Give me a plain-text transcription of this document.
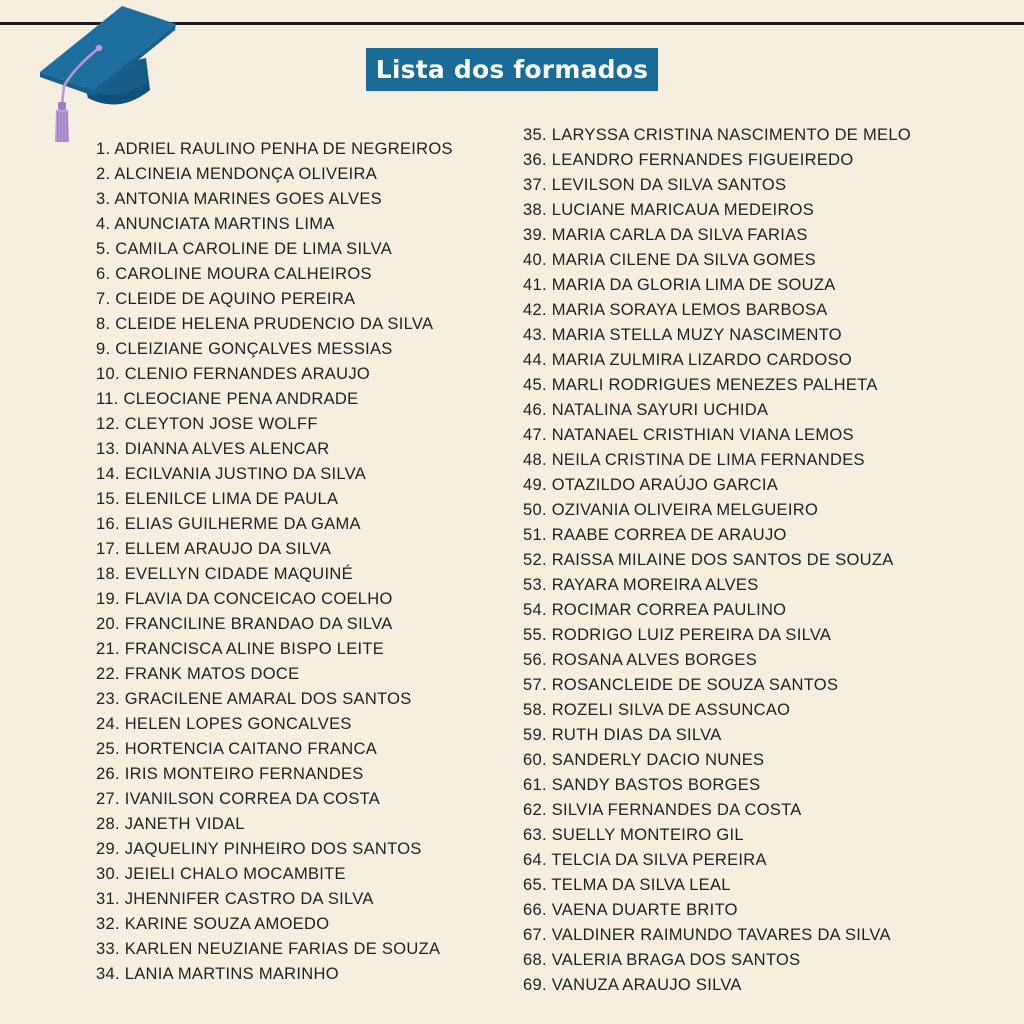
Lista dos formados
1. ADRIEL RAULINO PENHA DE NEGREIROS
2. ALCINEIA MENDONÇA OLIVEIRA
3. ANTONIA MARINES GOES ALVES
4. ANUNCIATA MARTINS LIMA
5. CAMILA CAROLINE DE LIMA SILVA
6. CAROLINE MOURA CALHEIROS
7. CLEIDE DE AQUINO PEREIRA
8. CLEIDE HELENA PRUDENCIO DA SILVA
9. CLEIZIANE GONÇALVES MESSIAS
10. CLENIO FERNANDES ARAUJO
11. CLEOCIANE PENA ANDRADE
12. CLEYTON JOSE WOLFF
13. DIANNA ALVES ALENCAR
14. ECILVANIA JUSTINO DA SILVA
15. ELENILCE LIMA DE PAULA
16. ELIAS GUILHERME DA GAMA
17. ELLEM ARAUJO DA SILVA
18. EVELLYN CIDADE MAQUINÉ
19. FLAVIA DA CONCEICAO COELHO
20. FRANCILINE BRANDAO DA SILVA
21. FRANCISCA ALINE BISPO LEITE
22. FRANK MATOS DOCE
23. GRACILENE AMARAL DOS SANTOS
24. HELEN LOPES GONCALVES
25. HORTENCIA CAITANO FRANCA
26. IRIS MONTEIRO FERNANDES
27. IVANILSON CORREA DA COSTA
28. JANETH VIDAL
29. JAQUELINY PINHEIRO DOS SANTOS
30. JEIELI CHALO MOCAMBITE
31. JHENNIFER CASTRO DA SILVA
32. KARINE SOUZA AMOEDO
33. KARLEN NEUZIANE FARIAS DE SOUZA
34. LANIA MARTINS MARINHO
35. LARYSSA CRISTINA NASCIMENTO DE MELO
36. LEANDRO FERNANDES FIGUEIREDO
37. LEVILSON DA SILVA SANTOS
38. LUCIANE MARICAUA MEDEIROS
39. MARIA CARLA DA SILVA FARIAS
40. MARIA CILENE DA SILVA GOMES
41. MARIA DA GLORIA LIMA DE SOUZA
42. MARIA SORAYA LEMOS BARBOSA
43. MARIA STELLA MUZY NASCIMENTO
44. MARIA ZULMIRA LIZARDO CARDOSO
45. MARLI RODRIGUES MENEZES PALHETA
46. NATALINA SAYURI UCHIDA
47. NATANAEL CRISTHIAN VIANA LEMOS
48. NEILA CRISTINA DE LIMA FERNANDES
49. OTAZILDO ARAÚJO GARCIA
50. OZIVANIA OLIVEIRA MELGUEIRO
51. RAABE CORREA DE ARAUJO
52. RAISSA MILAINE DOS SANTOS DE SOUZA
53. RAYARA MOREIRA ALVES
54. ROCIMAR CORREA PAULINO
55. RODRIGO LUIZ PEREIRA DA SILVA
56. ROSANA ALVES BORGES
57. ROSANCLEIDE DE SOUZA SANTOS
58. ROZELI SILVA DE ASSUNCAO
59. RUTH DIAS DA SILVA
60. SANDERLY DACIO NUNES
61. SANDY BASTOS BORGES
62. SILVIA FERNANDES DA COSTA
63. SUELLY MONTEIRO GIL
64. TELCIA DA SILVA PEREIRA
65. TELMA DA SILVA LEAL
66. VAENA DUARTE BRITO
67. VALDINER RAIMUNDO TAVARES DA SILVA
68. VALERIA BRAGA DOS SANTOS
69. VANUZA ARAUJO SILVA
